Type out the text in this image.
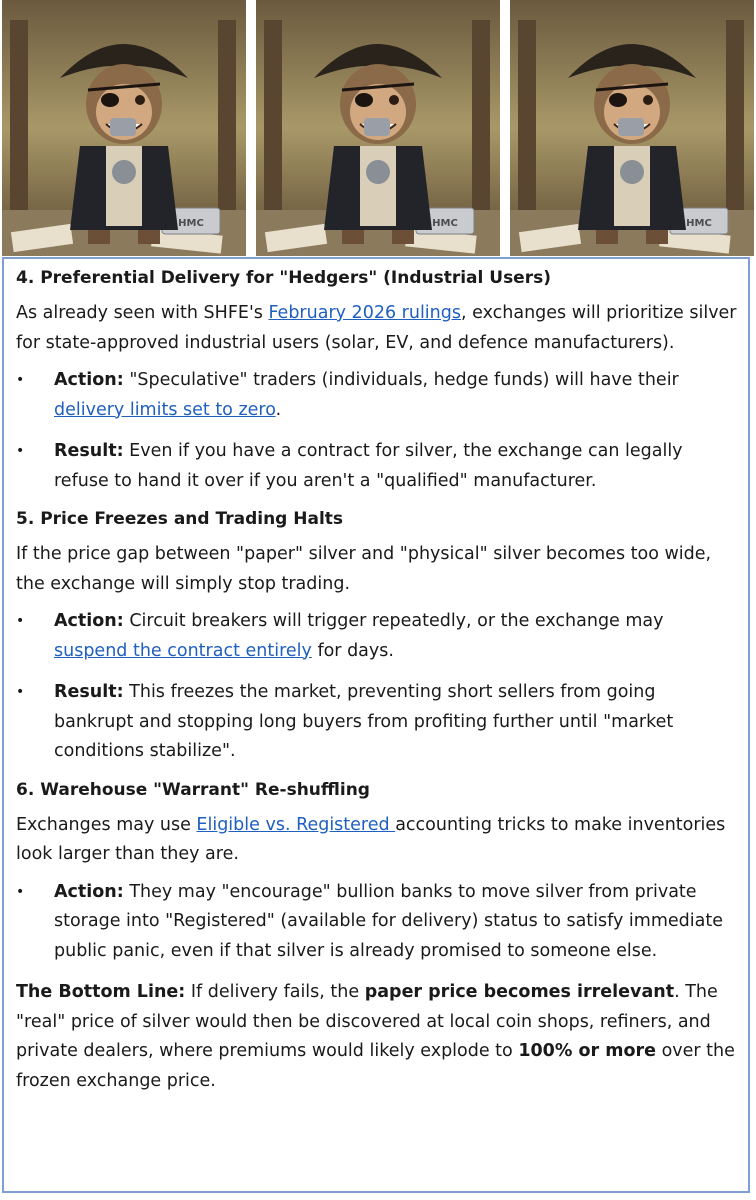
HMC	HMC	HMC
4. Preferential Delivery for "Hedgers" (Industrial Users)

As already seen with SHFE's February 2026 rulings, exchanges will prioritize silver for state-approved industrial users (solar, EV, and defence manufacturers).

• Action: "Speculative" traders (individuals, hedge funds) will have their delivery limits set to zero.
• Result: Even if you have a contract for silver, the exchange can legally refuse to hand it over if you aren't a "qualified" manufacturer.
5. Price Freezes and Trading Halts

If the price gap between "paper" silver and "physical" silver becomes too wide, the exchange will simply stop trading.

• Action: Circuit breakers will trigger repeatedly, or the exchange may suspend the contract entirely for days.
• Result: This freezes the market, preventing short sellers from going bankrupt and stopping long buyers from profiting further until "market conditions stabilize".
6. Warehouse "Warrant" Re-shuffling

Exchanges may use Eligible vs. Registered accounting tricks to make inventories look larger than they are.

• Action: They may "encourage" bullion banks to move silver from private storage into "Registered" (available for delivery) status to satisfy immediate public panic, even if that silver is already promised to someone else.

The Bottom Line: If delivery fails, the paper price becomes irrelevant. The "real" price of silver would then be discovered at local coin shops, refiners, and private dealers, where premiums would likely explode to 100% or more over the frozen exchange price.
